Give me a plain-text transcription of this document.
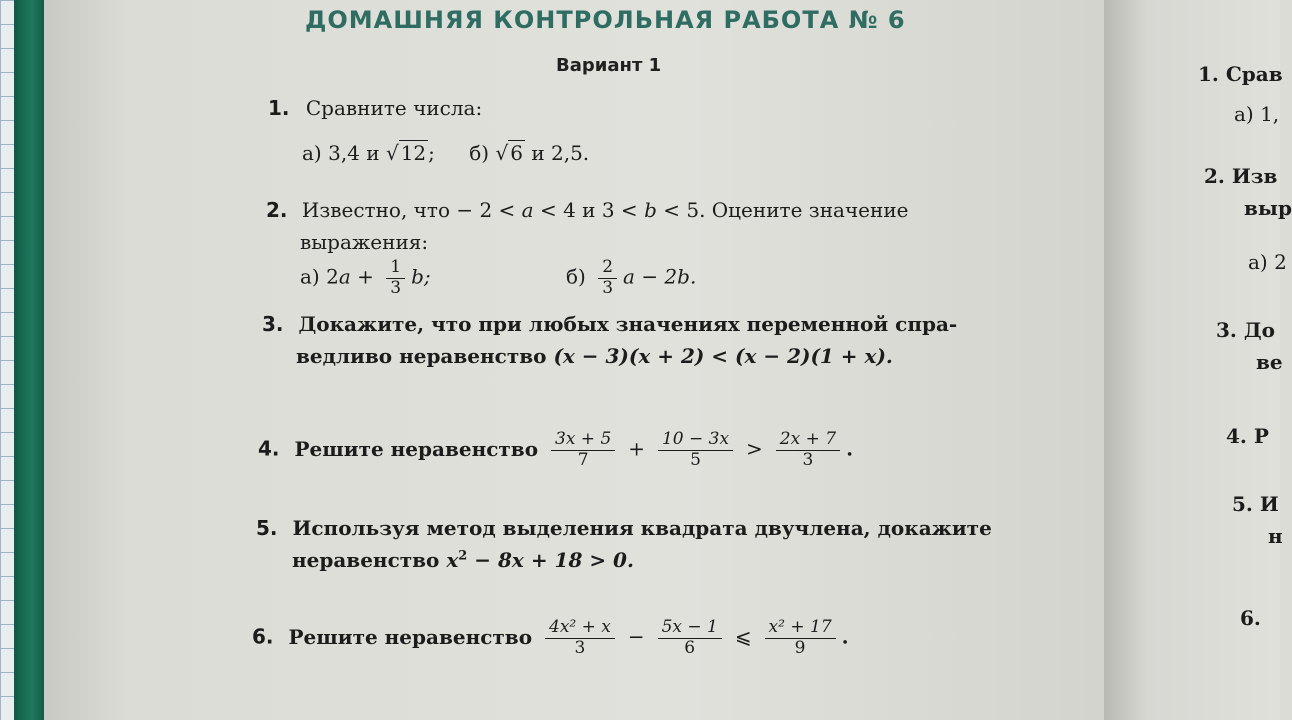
ДОМАШНЯЯ КОНТРОЛЬНАЯ РАБОТА № 6
Вариант 1
1. Сравните числа:
а) 3,4 и √ 12 ; б) √ 6 и 2,5.
2. Известно, что − 2 < a < 4 и 3 < b < 5. Оцените значение
выражения:
а) $2a + \frac{1}{3} b$;	$б) \frac{2}{3}$ a − 2b.
3. Докажите, что при любых значениях переменной спра-
ведливо неравенство (x − 3)(x + 2) < (x − 2)(1 + x).
4. Решите неравенство $\frac{3x + 5}{7} + \frac{10 - 3x}{5} > \frac{2x + 7}{3}$ .
5. Используя метод выделения квадрата двучлена, докажите
неравенство $x^2 - 8x + 18 > 0$.
6. Решите неравенство $\frac{\text{4x² + x}}{3} - \frac{5x - 1}{6}$ ⩽ $\frac{\text{x² + 17}}{9}$ .
1. Срав
а) 1,
2. Изв
выр
а) 2
3. До
ве
4. Р
5. И
н
6.
